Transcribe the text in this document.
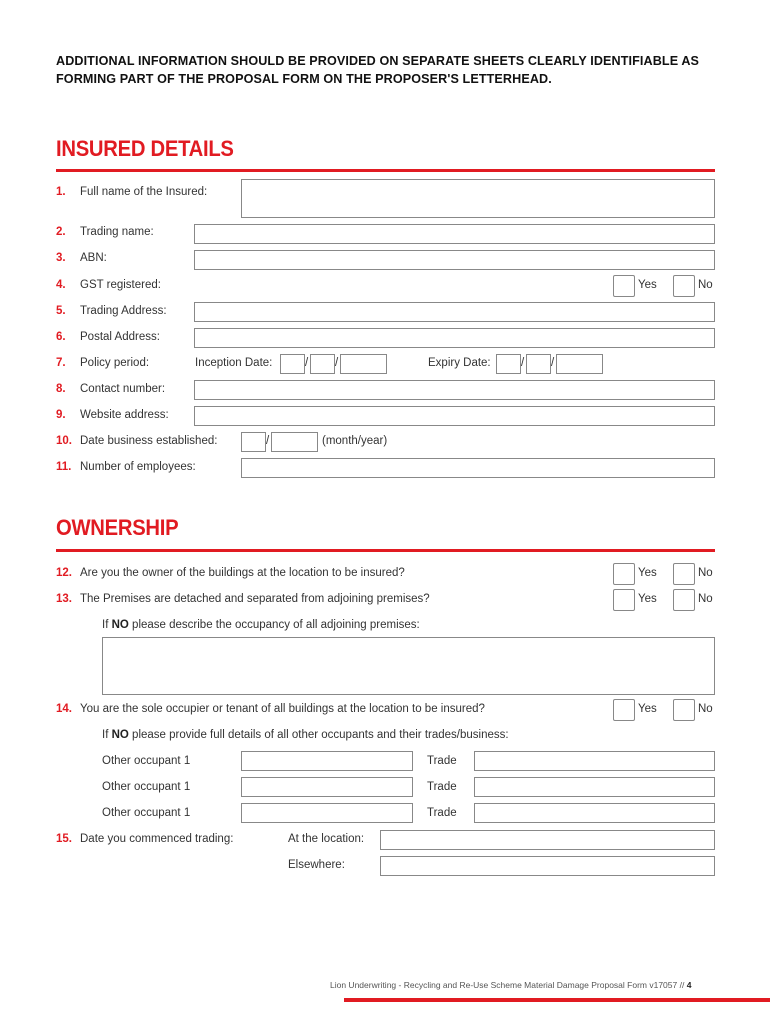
ADDITIONAL INFORMATION SHOULD BE PROVIDED ON SEPARATE SHEETS CLEARLY IDENTIFIABLE AS FORMING PART OF THE PROPOSAL FORM ON THE PROPOSER'S LETTERHEAD.
INSURED DETAILS
1. Full name of the Insured:
2. Trading name:
3. ABN:
4. GST registered:	Yes	No
5. Trading Address:
6. Postal Address:
7. Policy period:	Inception Date:	/ /	Expiry Date:	/ /
8. Contact number:
9. Website address:
10. Date business established:	/	(month/year)
11. Number of employees:
OWNERSHIP
12. Are you the owner of the buildings at the location to be insured?	Yes	No
13. The Premises are detached and separated from adjoining premises?	Yes	No
If NO please describe the occupancy of all adjoining premises:
14. You are the sole occupier or tenant of all buildings at the location to be insured?	Yes	No
If NO please provide full details of all other occupants and their trades/business:
Other occupant 1	Trade
Other occupant 1	Trade
Other occupant 1	Trade
15. Date you commenced trading:	At the location:
Elsewhere:
Lion Underwriting - Recycling and Re-Use Scheme Material Damage Proposal Form v17057 // 4
